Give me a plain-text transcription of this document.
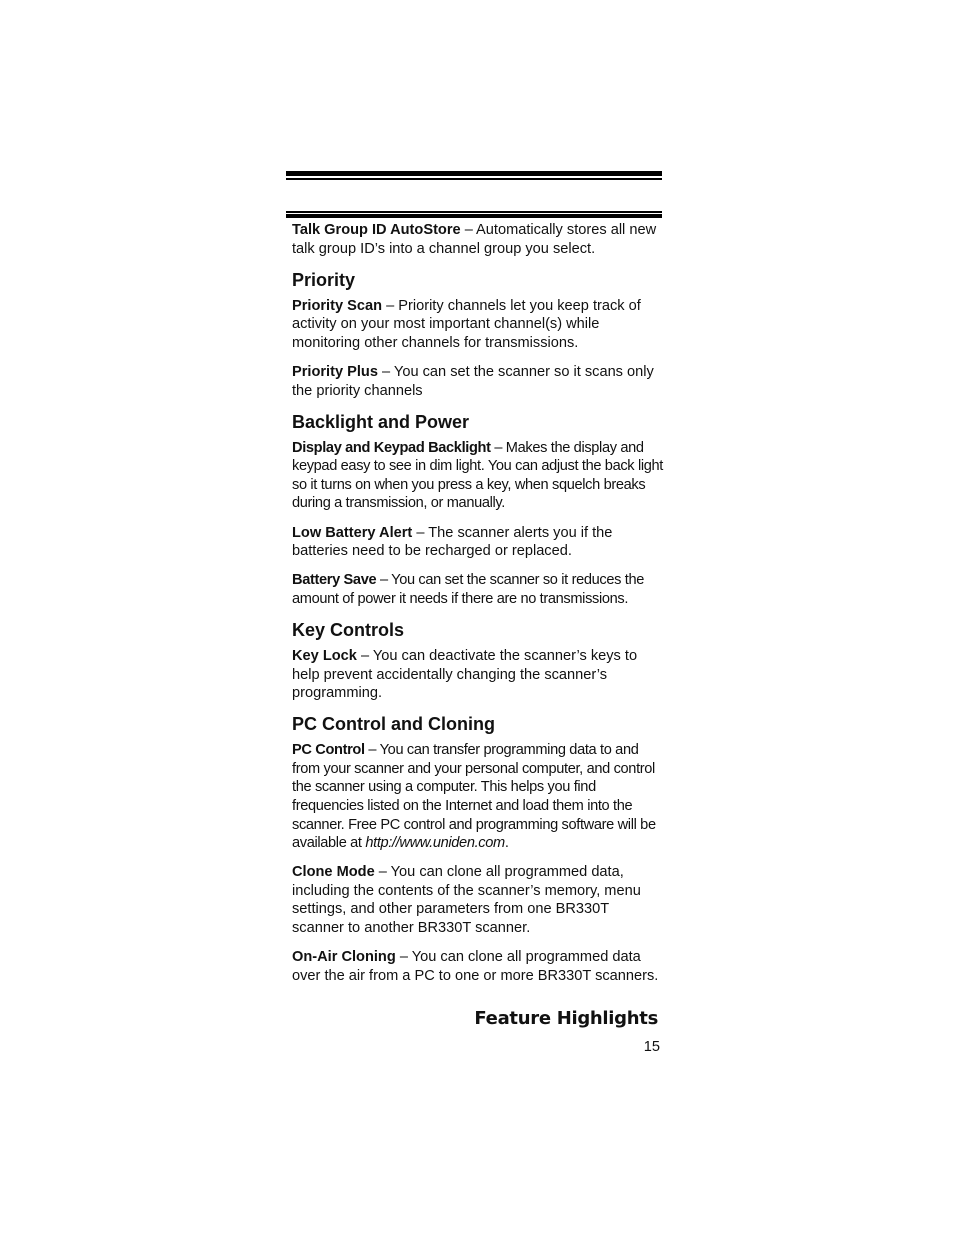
Talk Group ID AutoStore – Automatically stores all new talk group ID’s into a channel group you select.

Priority

Priority Scan – Priority channels let you keep track of activity on your most important channel(s) while monitoring other channels for transmissions.

Priority Plus – You can set the scanner so it scans only the priority channels

Backlight and Power

Display and Keypad Backlight – Makes the display and keypad easy to see in dim light. You can adjust the back light so it turns on when you press a key, when squelch breaks during a transmission, or manually.

Low Battery Alert – The scanner alerts you if the batteries need to be recharged or replaced.

Battery Save – You can set the scanner so it reduces the amount of power it needs if there are no transmissions.

Key Controls

Key Lock – You can deactivate the scanner’s keys to help prevent accidentally changing the scanner’s programming.

PC Control and Cloning

PC Control – You can transfer programming data to and from your scanner and your personal computer, and control the scanner using a computer. This helps you find frequencies listed on the Internet and load them into the scanner. Free PC control and programming software will be available at http://www.uniden.com.

Clone Mode – You can clone all programmed data, including the contents of the scanner’s memory, menu settings, and other parameters from one BR330T scanner to another BR330T scanner.

On-Air Cloning – You can clone all programmed data over the air from a PC to one or more BR330T scanners.

Feature Highlights
15
